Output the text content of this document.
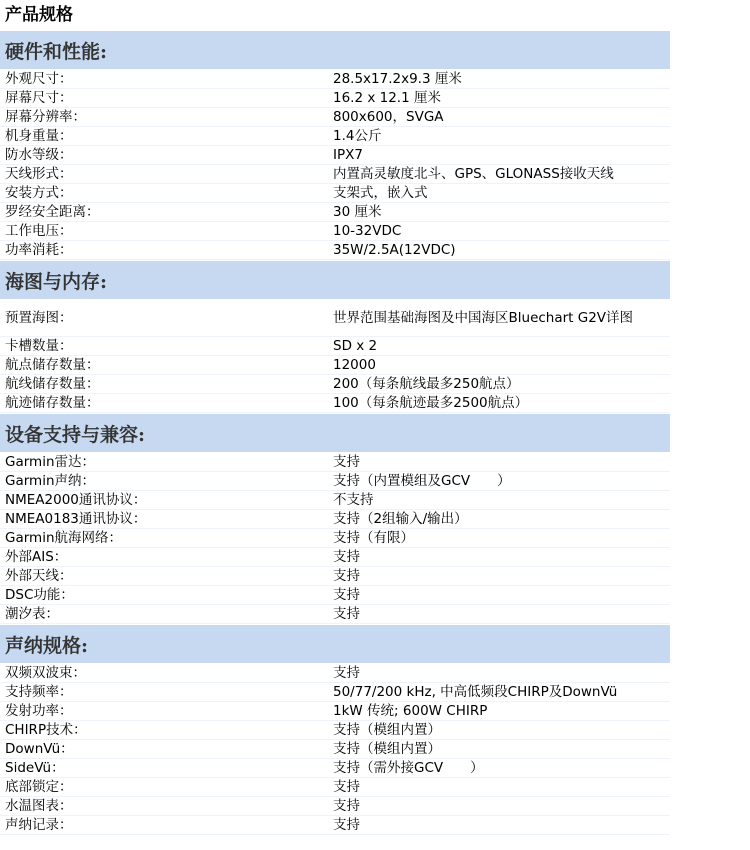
产品规格
硬件和性能:
外观尺寸：	28.5x17.2x9.3 厘米
屏幕尺寸：	16.2 x 12.1 厘米
屏幕分辨率：	800x600，SVGA
机身重量：	1.4公斤
防水等级：	IPX7
天线形式：	内置高灵敏度北斗、GPS、GLONASS接收天线
安装方式：	支架式，嵌入式
罗经安全距离：	30 厘米
工作电压：	10-32VDC
功率消耗：	35W/2.5A(12VDC)
海图与内存:
预置海图：	世界范围基础海图及中国海区Bluechart G2V详图
卡槽数量：	SD x 2
航点储存数量：	12000
航线储存数量：	200（每条航线最多250航点）
航迹储存数量：	100（每条航迹最多2500航点）
设备支持与兼容:
Garmin雷达：	支持
Garmin声纳：	支持（内置模组及GCV　　）
NMEA2000通讯协议：	不支持
NMEA0183通讯协议：	支持（2组输入/输出）
Garmin航海网络：	支持（有限）
外部AIS：	支持
外部天线：	支持
DSC功能：	支持
潮汐表：	支持
声纳规格:
双频双波束：	支持
支持频率：	50/77/200 kHz, 中高低频段CHIRP及DownVü
发射功率：	1kW 传统; 600W CHIRP
CHIRP技术：	支持（模组内置）
DownVü：	支持（模组内置）
SideVü：	支持（需外接GCV　　）
底部锁定：	支持
水温图表：	支持
声纳记录：	支持
